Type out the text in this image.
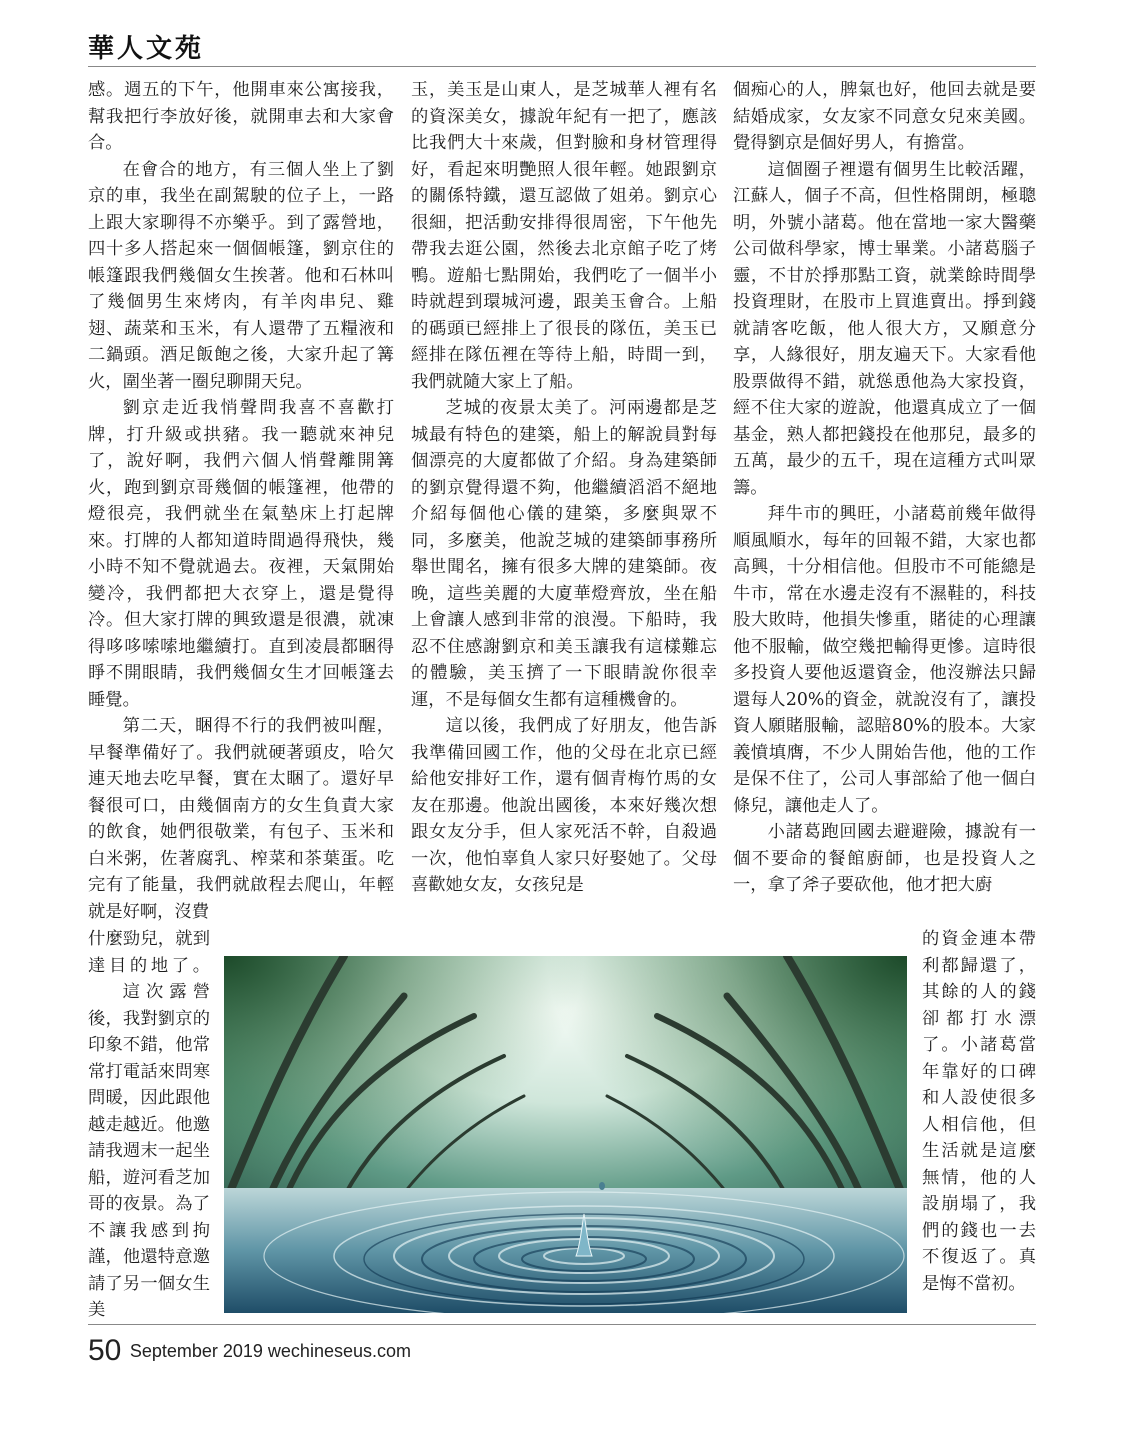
華人文苑

感。週五的下午，他開車來公寓接我，幫我把行李放好後，就開車去和大家會合。

在會合的地方，有三個人坐上了劉京的車，我坐在副駕駛的位子上，一路上跟大家聊得不亦樂乎。到了露營地，四十多人搭起來一個個帳篷，劉京住的帳篷跟我們幾個女生挨著。他和石林叫了幾個男生來烤肉，有羊肉串兒、雞翅、蔬菜和玉米，有人還帶了五糧液和二鍋頭。酒足飯飽之後，大家升起了篝火，圍坐著一圈兒聊開天兒。

劉京走近我悄聲問我喜不喜歡打牌，打升級或拱豬。我一聽就來神兒了，說好啊，我們六個人悄聲離開篝火，跑到劉京哥幾個的帳篷裡，他帶的燈很亮，我們就坐在氣墊床上打起牌來。打牌的人都知道時間過得飛快，幾小時不知不覺就過去。夜裡，天氣開始變冷，我們都把大衣穿上，還是覺得冷。但大家打牌的興致還是很濃，就凍得哆哆嗦嗦地繼續打。直到凌晨都睏得睜不開眼睛，我們幾個女生才回帳篷去睡覺。

第二天，睏得不行的我們被叫醒，早餐準備好了。我們就硬著頭皮，哈欠連天地去吃早餐，實在太睏了。還好早餐很可口，由幾個南方的女生負責大家的飲食，她們很敬業，有包子、玉米和白米粥，佐著腐乳、榨菜和茶葉蛋。吃完有了能量，我們就啟程去爬山，年輕就是好啊，沒費

什麼勁兒，就到達目的地了。

這次露營後，我對劉京的印象不錯，他常常打電話來問寒問暖，因此跟他越走越近。他邀請我週末一起坐船，遊河看芝加哥的夜景。為了不讓我感到拘謹，他還特意邀請了另一個女生美

玉，美玉是山東人，是芝城華人裡有名的資深美女，據說年紀有一把了，應該比我們大十來歲，但對臉和身材管理得好，看起來明艷照人很年輕。她跟劉京的關係特鐵，還互認做了姐弟。劉京心很細，把活動安排得很周密，下午他先帶我去逛公園，然後去北京館子吃了烤鴨。遊船七點開始，我們吃了一個半小時就趕到環城河邊，跟美玉會合。上船的碼頭已經排上了很長的隊伍，美玉已經排在隊伍裡在等待上船，時間一到，我們就隨大家上了船。

芝城的夜景太美了。河兩邊都是芝城最有特色的建築，船上的解說員對每個漂亮的大廈都做了介紹。身為建築師的劉京覺得還不夠，他繼續滔滔不絕地介紹每個他心儀的建築，多麼與眾不同，多麼美，他說芝城的建築師事務所舉世聞名，擁有很多大牌的建築師。夜晚，這些美麗的大廈華燈齊放，坐在船上會讓人感到非常的浪漫。下船時，我忍不住感謝劉京和美玉讓我有這樣難忘的體驗，美玉擠了一下眼睛說你很幸運，不是每個女生都有這種機會的。

這以後，我們成了好朋友，他告訴我準備回國工作，他的父母在北京已經給他安排好工作，還有個青梅竹馬的女友在那邊。他說出國後，本來好幾次想跟女友分手，但人家死活不幹，自殺過一次，他怕辜負人家只好娶她了。父母喜歡她女友，女孩兒是

個痴心的人，脾氣也好，他回去就是要結婚成家，女友家不同意女兒來美國。覺得劉京是個好男人，有擔當。

這個圈子裡還有個男生比較活躍，江蘇人，個子不高，但性格開朗，極聰明，外號小諸葛。他在當地一家大醫藥公司做科學家，博士畢業。小諸葛腦子靈，不甘於掙那點工資，就業餘時間學投資理財，在股市上買進賣出。掙到錢就請客吃飯，他人很大方，又願意分享，人緣很好，朋友遍天下。大家看他股票做得不錯，就慫恿他為大家投資，經不住大家的遊說，他還真成立了一個基金，熟人都把錢投在他那兒，最多的五萬，最少的五千，現在這種方式叫眾籌。

拜牛市的興旺，小諸葛前幾年做得順風順水，每年的回報不錯，大家也都高興，十分相信他。但股市不可能總是牛市，常在水邊走沒有不濕鞋的，科技股大敗時，他損失慘重，賭徒的心理讓他不服輸，做空幾把輸得更慘。這時很多投資人要他返還資金，他沒辦法只歸還每人20%的資金，就說沒有了，讓投資人願賭服輸，認賠80%的股本。大家義憤填膺，不少人開始告他，他的工作是保不住了，公司人事部給了他一個白條兒，讓他走人了。

小諸葛跑回國去避避險，據說有一個不要命的餐館廚師，也是投資人之一，拿了斧子要砍他，他才把大廚

的資金連本帶利都歸還了，其餘的人的錢卻都打水漂了。小諸葛當年靠好的口碑和人設使很多人相信他，但生活就是這麼無情，他的人設崩塌了，我們的錢也一去不復返了。真是悔不當初。

50 September 2019 wechineseus.com
